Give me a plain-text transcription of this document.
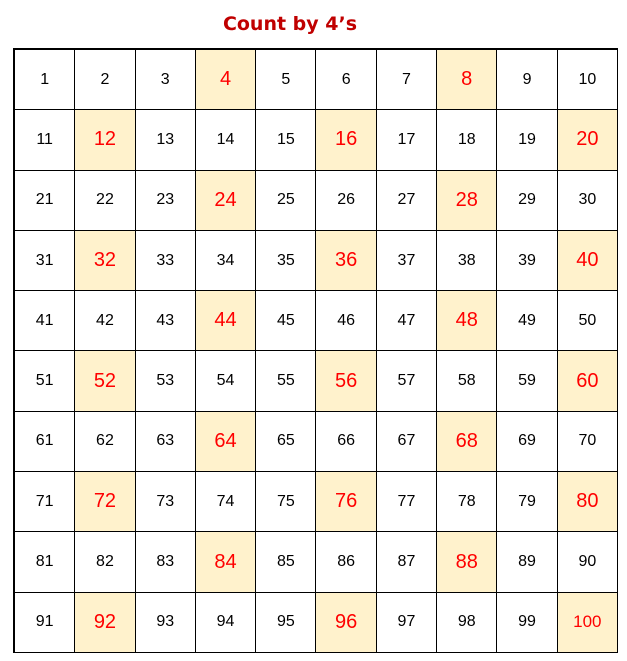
Count by 4’s
1	2	3	4	5	6	7	8	9	10
11	12	13	14	15	16	17	18	19	20
21	22	23	24	25	26	27	28	29	30
31	32	33	34	35	36	37	38	39	40
41	42	43	44	45	46	47	48	49	50
51	52	53	54	55	56	57	58	59	60
61	62	63	64	65	66	67	68	69	70
71	72	73	74	75	76	77	78	79	80
81	82	83	84	85	86	87	88	89	90
91	92	93	94	95	96	97	98	99	100
